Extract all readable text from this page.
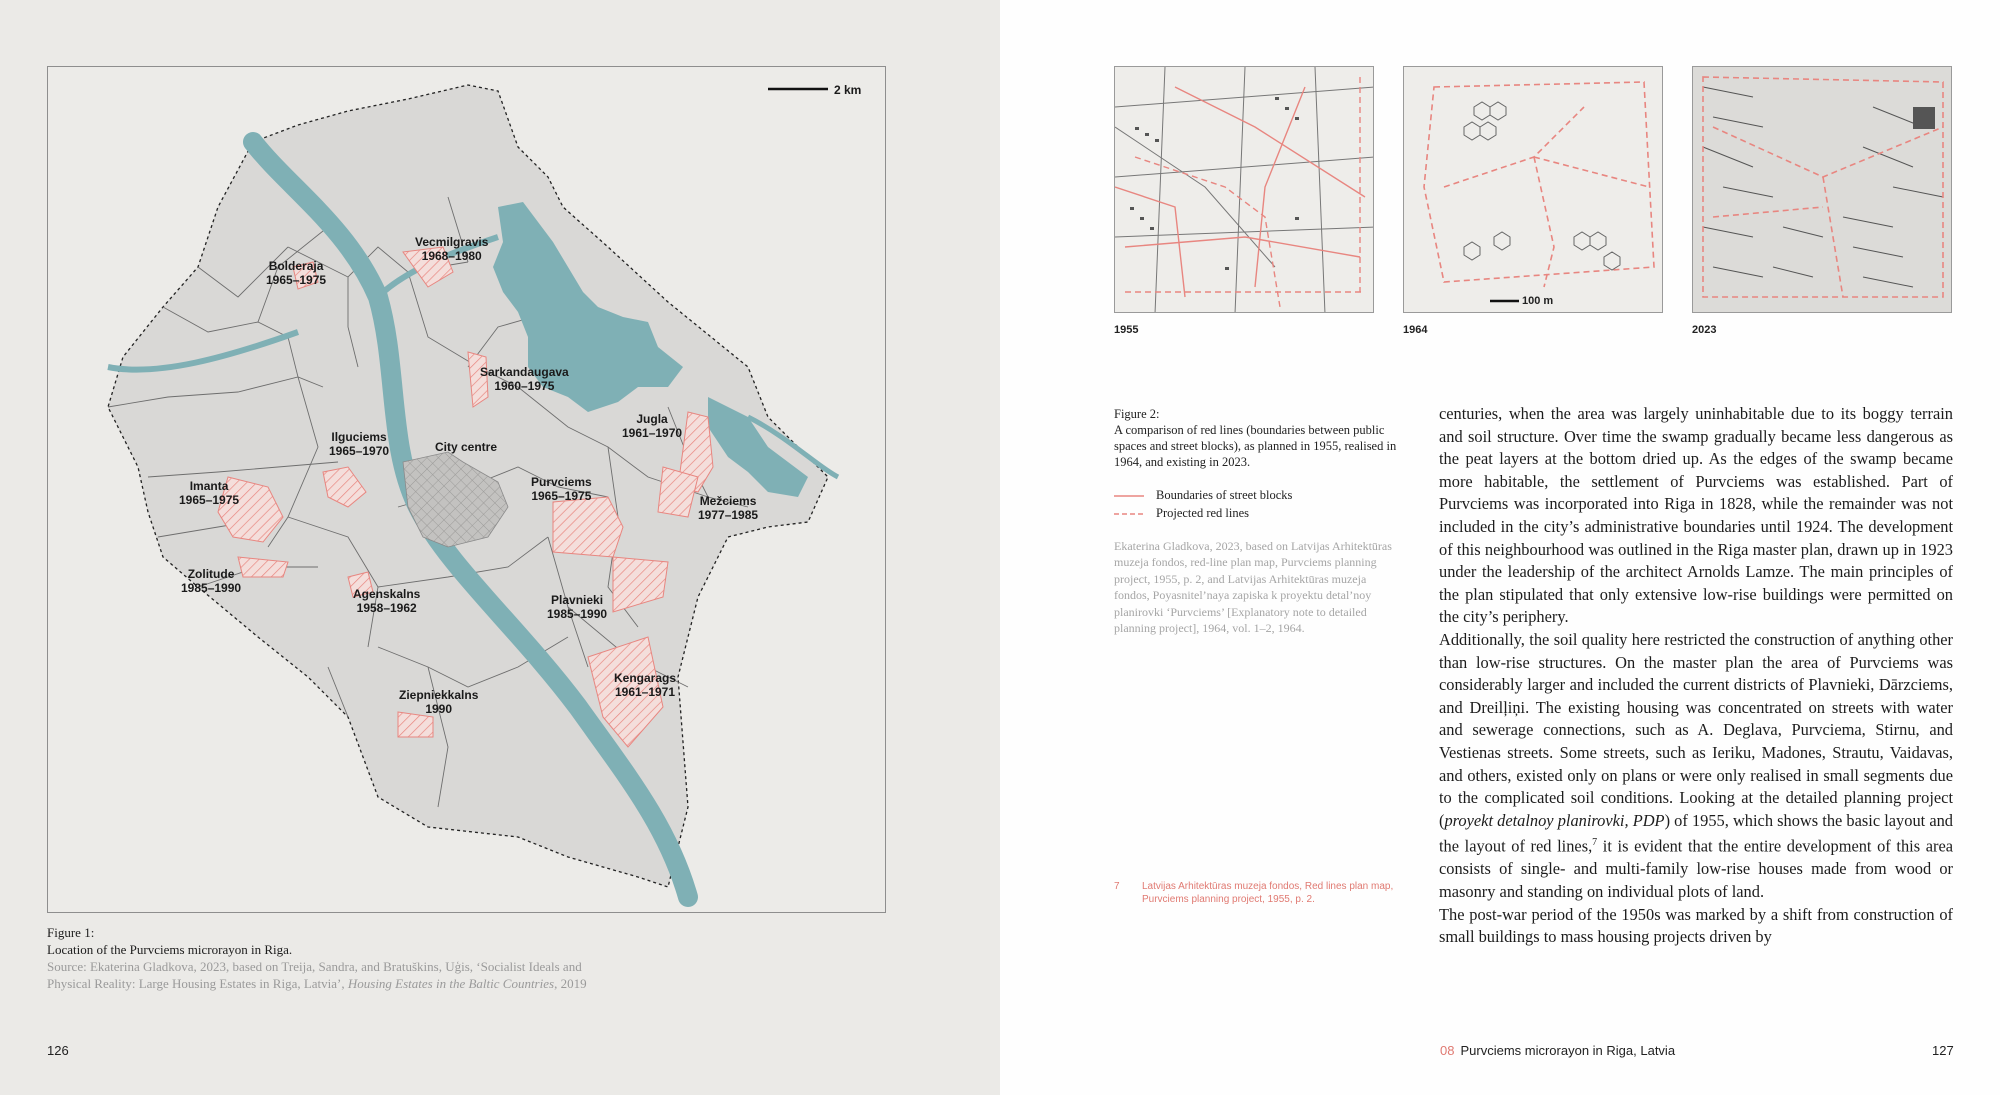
2 km
Vecmilgravis
1968–1980
Bolderaja
1965–1975
Sarkandaugava
1960–1975
Jugla
1961–1970
Ilguciems
1965–1970	City centre
Imanta
1965–1975
Purvciems
1965–1975	Mežciems
1977–1985
Zolitude
1985–1990	Agenskalns
1958–1962
Plavnieki
1985–1990
Kengarags
1961–1971
Ziepniekkalns
1990
Figure 1:
Location of the Purvciems microrayon in Riga.
Source: Ekaterina Gladkova, 2023, based on Treija, Sandra, and Bratuškins, Uģis, ‘Socialist Ideals and
Physical Reality: Large Housing Estates in Riga, Latvia’, Housing Estates in the Baltic Countries, 2019
126
100 m
1955	1964	2023
Figure 2:
A comparison of red lines (boundaries between public spaces and street blocks), as planned in 1955, realised in 1964, and existing in 2023.
Boundaries of street blocks
Projected red lines
Ekaterina Gladkova, 2023, based on Latvijas Arhitektūras muzeja fondos, red-line plan map, Purvciems planning project, 1955, p. 2, and Latvijas Arhitektūras muzeja fondos, Poyasnitel’naya zapiska k proyektu detal’noy planirovki ‘Purvciems’ [Explanatory note to detailed planning project], 1964, vol. 1–2, 1964.
7	Latvijas Arhitektūras muzeja fondos, Red lines plan map, Purvciems planning project, 1955, p. 2.

centuries, when the area was largely uninhabitable due to its boggy terrain and soil structure. Over time the swamp gradually became less dangerous as the peat layers at the bottom dried up. As the edges of the swamp became more habitable, the settlement of Purvciems was established. Part of Purvciems was incorporated into Riga in 1828, while the remainder was not included in the city’s administrative boundaries until 1924. The development of this neighbourhood was outlined in the Riga master plan, drawn up in 1923 under the leadership of the architect Arnolds Lamze. The main principles of the plan stipulated that only extensive low-rise buildings were permitted on the city’s periphery.

Additionally, the soil quality here restricted the construction of anything other than low-rise structures. On the master plan the area of Purvciems was considerably larger and included the current districts of Plavnieki, Dārzciems, and Dreilļiņi. The existing housing was concentrated on streets with water and sewerage connections, such as A. Deglava, Purvciema, Stirnu, and Vestienas streets. Some streets, such as Ieriku, Madones, Strautu, Vaidavas, and others, existed only on plans or were only realised in small segments due to the complicated soil conditions. Looking at the detailed planning project (proyekt detalnoy planirovki, PDP) of 1955, which shows the basic layout and the layout of red lines,$^7$ it is evident that the entire development of this area consists of single- and multi-family low-rise houses made from wood or masonry and standing on individual plots of land.

The post-war period of the 1950s was marked by a shift from construction of small buildings to mass housing projects driven by

08 Purvciems microrayon in Riga, Latvia	127
